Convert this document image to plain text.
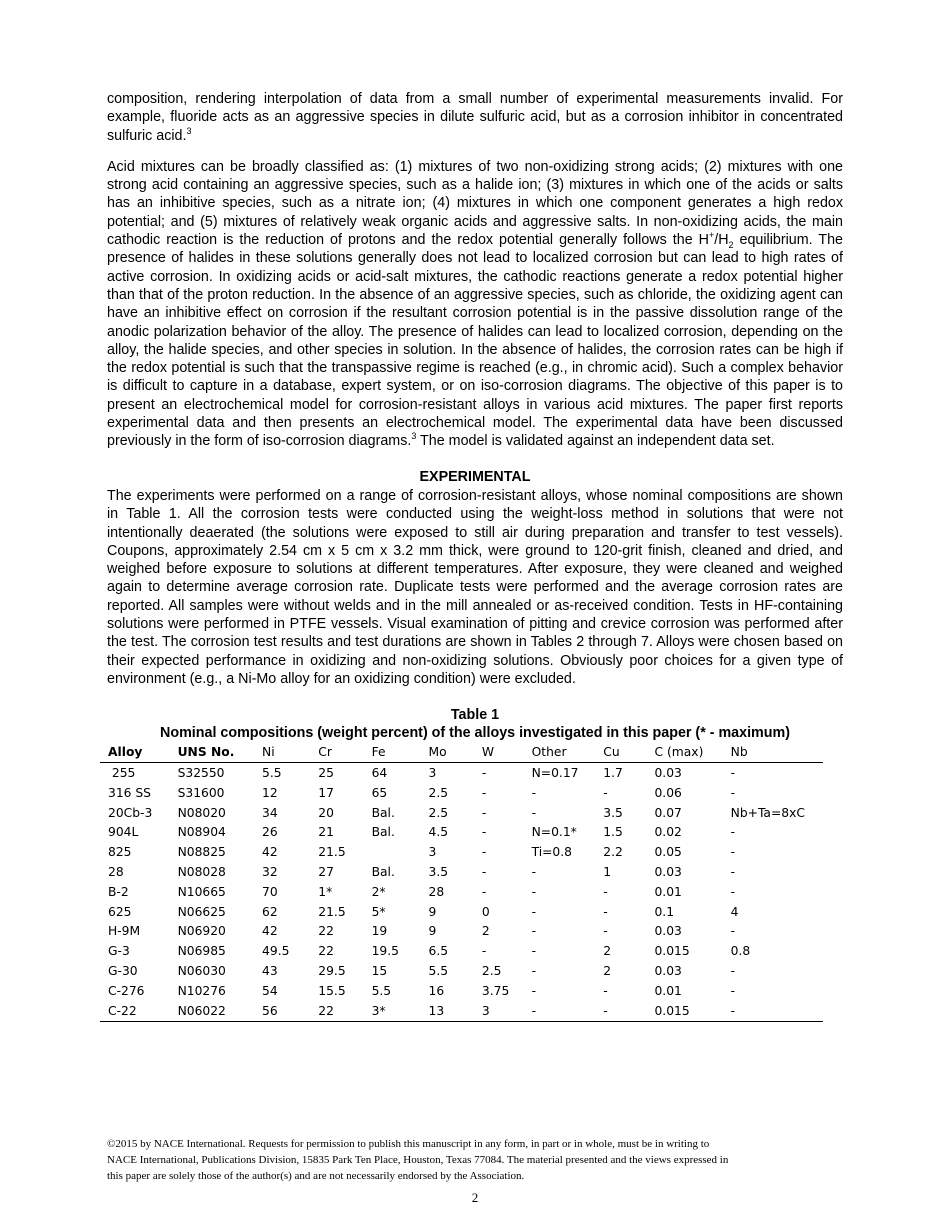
composition, rendering interpolation of data from a small number of experimental measurements invalid. For example, fluoride acts as an aggressive species in dilute sulfuric acid, but as a corrosion inhibitor in concentrated sulfuric acid.$^3$

Acid mixtures can be broadly classified as: (1) mixtures of two non-oxidizing strong acids; (2) mixtures with one strong acid containing an aggressive species, such as a halide ion; (3) mixtures in which one of the acids or salts has an inhibitive species, such as a nitrate ion; (4) mixtures in which one component generates a high redox potential; and (5) mixtures of relatively weak organic acids and aggressive salts. In non-oxidizing acids, the main cathodic reaction is the reduction of protons and the redox potential generally follows the $H^+/H_2$ equilibrium. The presence of halides in these solutions generally does not lead to localized corrosion but can lead to high rates of active corrosion. In oxidizing acids or acid-salt mixtures, the cathodic reactions generate a redox potential higher than that of the proton reduction. In the absence of an aggressive species, such as chloride, the oxidizing agent can have an inhibitive effect on corrosion if the resultant corrosion potential is in the passive dissolution range of the anodic polarization behavior of the alloy. The presence of halides can lead to localized corrosion, depending on the alloy, the halide species, and other species in solution. In the absence of halides, the corrosion rates can be high if the redox potential is such that the transpassive regime is reached (e.g., in chromic acid). Such a complex behavior is difficult to capture in a database, expert system, or on iso-corrosion diagrams. The objective of this paper is to present an electrochemical model for corrosion-resistant alloys in various acid mixtures. The paper first reports experimental data and then presents an electrochemical model. The experimental data have been discussed previously in the form of iso-corrosion diagrams.$^3$ The model is validated against an independent data set.

EXPERIMENTAL

The experiments were performed on a range of corrosion-resistant alloys, whose nominal compositions are shown in Table 1. All the corrosion tests were conducted using the weight-loss method in solutions that were not intentionally deaerated (the solutions were exposed to still air during preparation and transfer to test vessels). Coupons, approximately 2.54 cm x 5 cm x 3.2 mm thick, were ground to 120-grit finish, cleaned and dried, and weighed before exposure to solutions at different temperatures. After exposure, they were cleaned and weighed again to determine average corrosion rate. Duplicate tests were performed and the average corrosion rates are reported. All samples were without welds and in the mill annealed or as-received condition. Tests in HF-containing solutions were performed in PTFE vessels. Visual examination of pitting and crevice corrosion was performed after the test. The corrosion test results and test durations are shown in Tables 2 through 7. Alloys were chosen based on their expected performance in oxidizing and non-oxidizing solutions. Obviously poor choices for a given type of environment (e.g., a Ni-Mo alloy for an oxidizing condition) were excluded.

Table 1
Nominal compositions (weight percent) of the alloys investigated in this paper (* - maximum)
Alloy	UNS No.	Ni	Cr	Fe	Mo	W	Other	Cu	C (max)	Nb
255	S32550	5.5	25	64	3	-	N=0.17	1.7	0.03	-
316 SS	S31600	12	17	65	2.5	-	-	-	0.06	-
20Cb-3	N08020	34	20	Bal.	2.5	-	-	3.5	0.07	Nb+Ta=8xC
904L	N08904	26	21	Bal.	4.5	-	N=0.1*	1.5	0.02	-
825	N08825	42	21.5		3	-	Ti=0.8	2.2	0.05	-
28	N08028	32	27	Bal.	3.5	-	-	1	0.03	-
B-2	N10665	70	1*	2*	28	-	-	-	0.01	-
625	N06625	62	21.5	5*	9	0	-	-	0.1	4
H-9M	N06920	42	22	19	9	2	-	-	0.03	-
G-3	N06985	49.5	22	19.5	6.5	-	-	2	0.015	0.8
G-30	N06030	43	29.5	15	5.5	2.5	-	2	0.03	-
C-276	N10276	54	15.5	5.5	16	3.75	-	-	0.01	-
C-22	N06022	56	22	3*	13	3	-	-	0.015	-
©2015 by NACE International. Requests for permission to publish this manuscript in any form, in part or in whole, must be in writing to
NACE International, Publications Division, 15835 Park Ten Place, Houston, Texas 77084. The material presented and the views expressed in
this paper are solely those of the author(s) and are not necessarily endorsed by the Association.
2
